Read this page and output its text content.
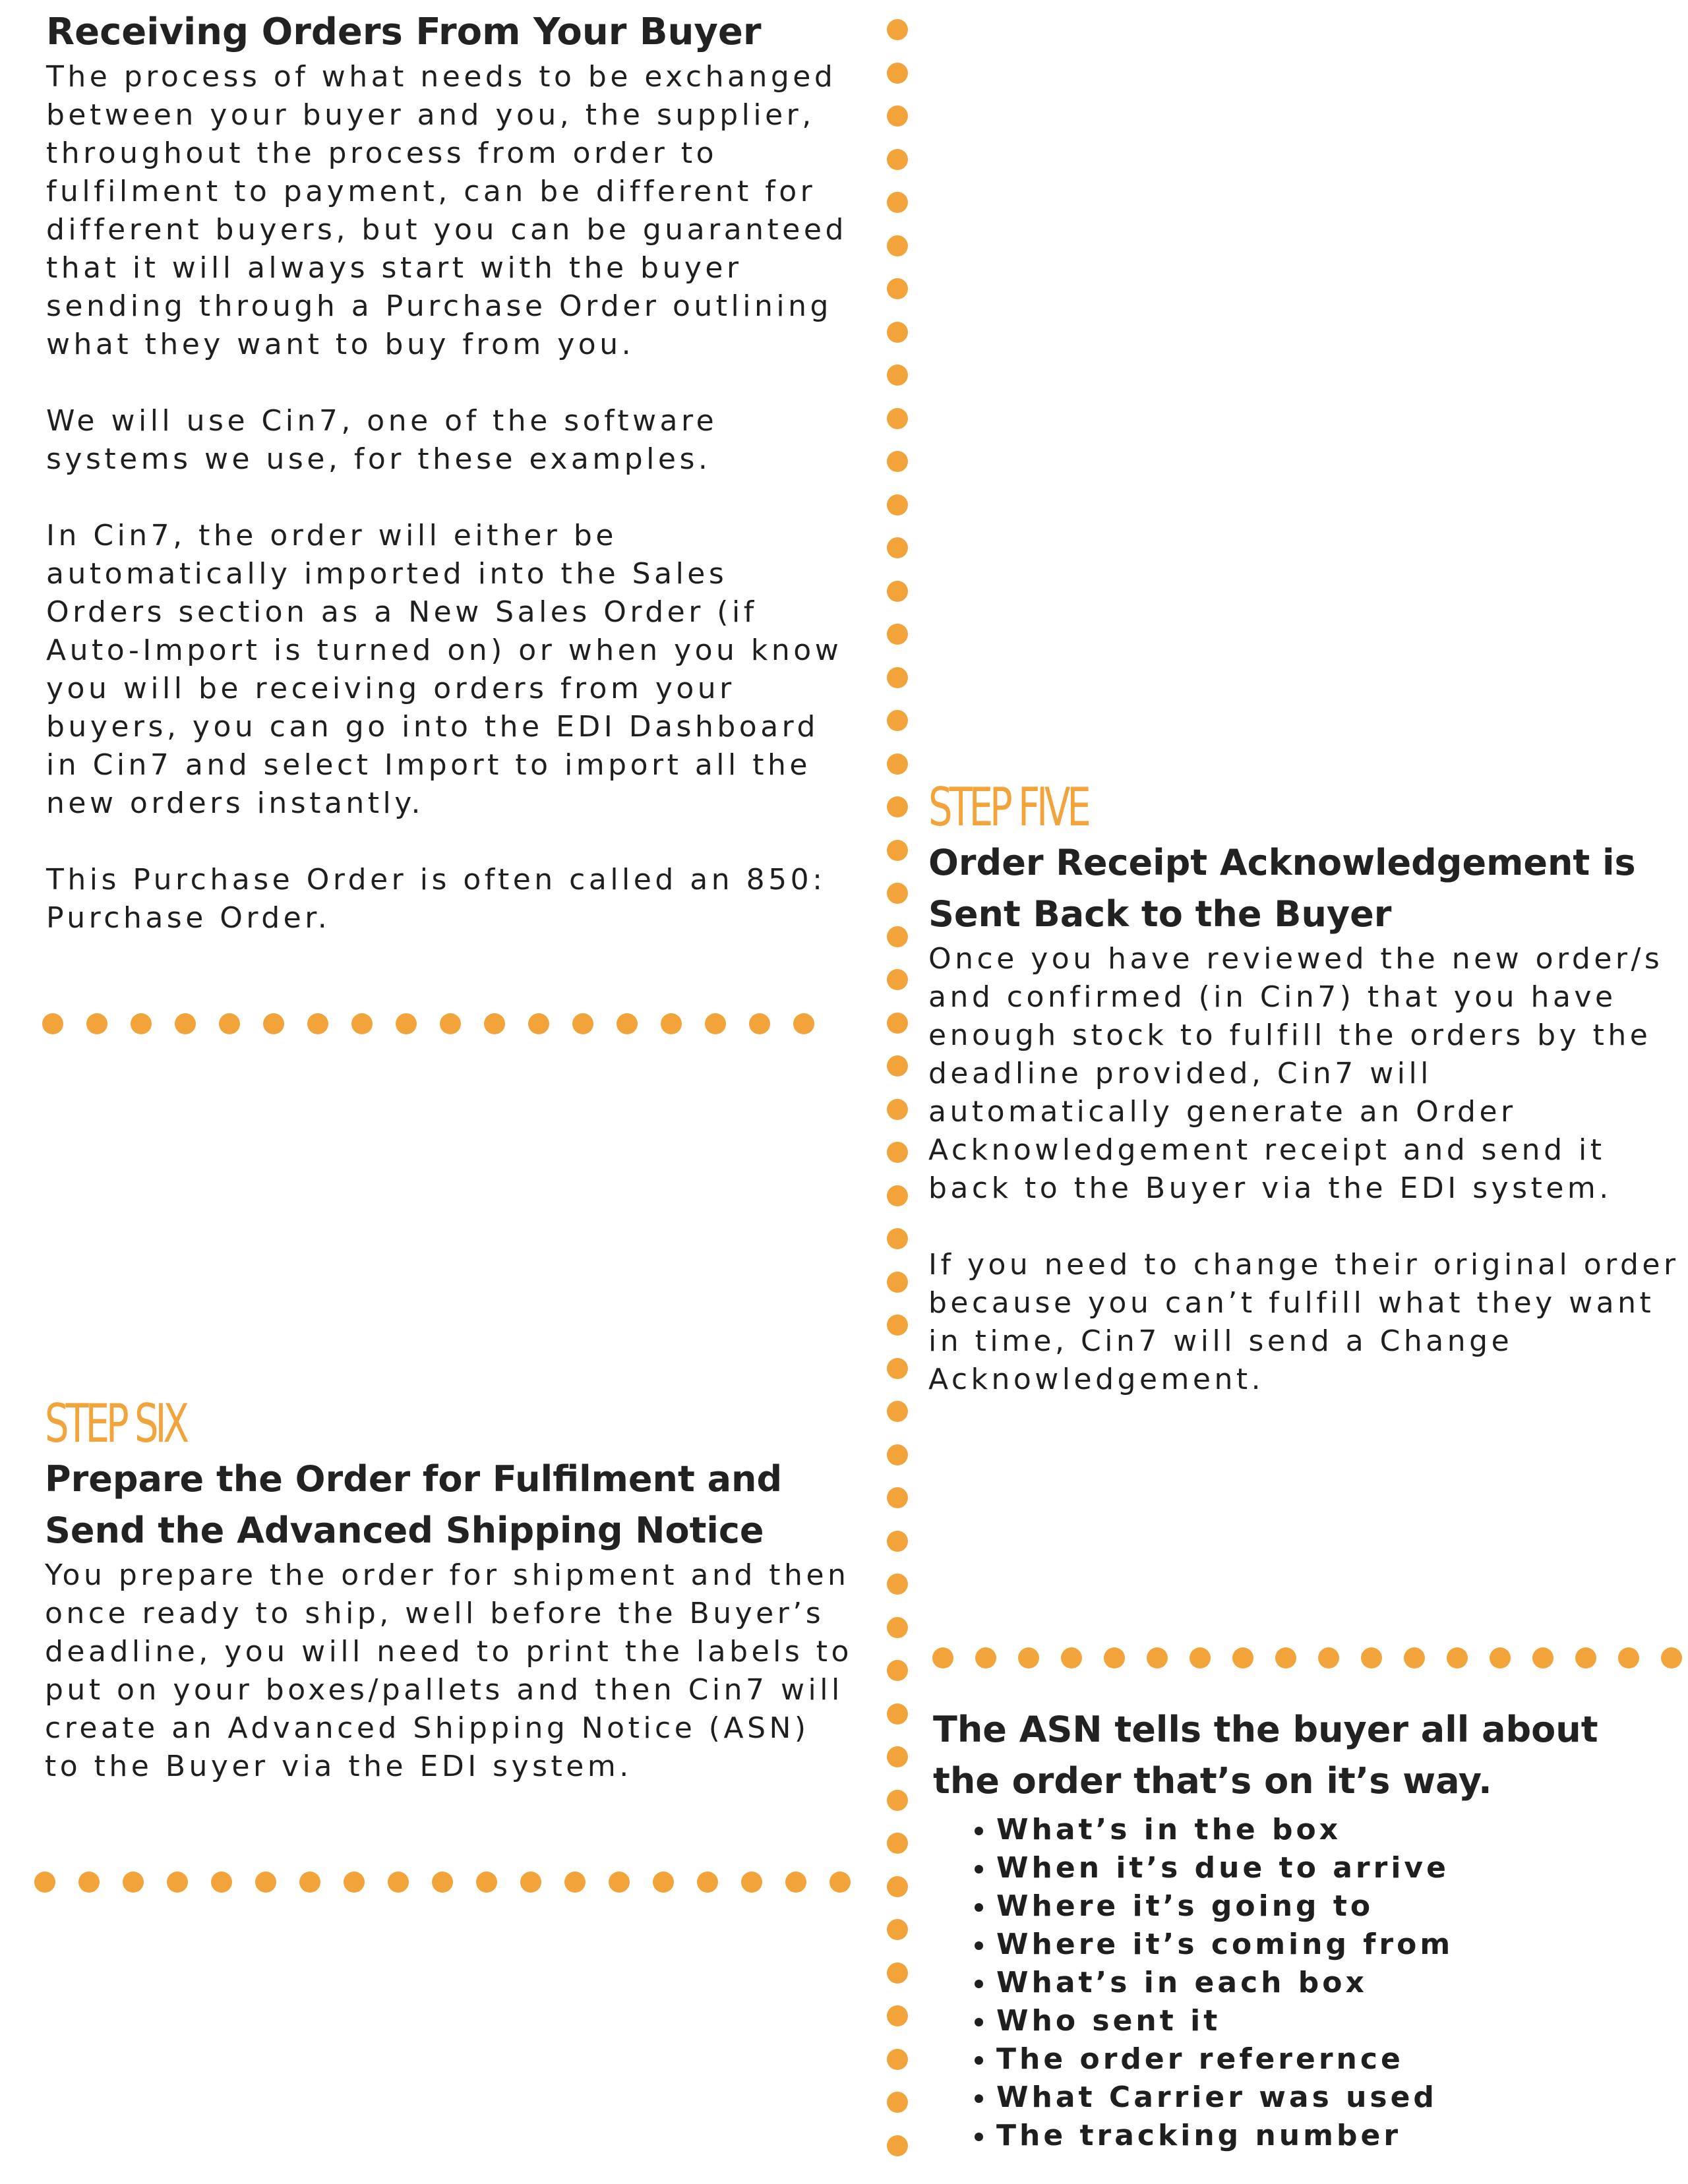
Receiving Orders From Your Buyer

The process of what needs to be exchanged between your buyer and you, the supplier, throughout the process from order to fulfilment to payment, can be different for different buyers, but you can be guaranteed that it will always start with the buyer sending through a Purchase Order outlining what they want to buy from you.

We will use Cin7, one of the software systems we use, for these examples.

In Cin7, the order will either be automatically imported into the Sales Orders section as a New Sales Order (if Auto-Import is turned on) or when you know you will be receiving orders from your buyers, you can go into the EDI Dashboard in Cin7 and select Import to import all the new orders instantly.

This Purchase Order is often called an 850: Purchase Order.

STEP FIVE
Order Receipt Acknowledgement is Sent Back to the Buyer

Once you have reviewed the new order/s and confirmed (in Cin7) that you have enough stock to fulfill the orders by the deadline provided, Cin7 will automatically generate an Order Acknowledgement receipt and send it back to the Buyer via the EDI system.

If you need to change their original order because you can’t fulfill what they want in time, Cin7 will send a Change Acknowledgement.

STEP SIX
Prepare the Order for Fulfilment and Send the Advanced Shipping Notice

You prepare the order for shipment and then once ready to ship, well before the Buyer’s deadline, you will need to print the labels to put on your boxes/pallets and then Cin7 will create an Advanced Shipping Notice (ASN) to the Buyer via the EDI system.

The ASN tells the buyer all about the order that’s on it’s way.
• What’s in the box
• When it’s due to arrive
• Where it’s going to
• Where it’s coming from
• What’s in each box
• Who sent it
• The order referernce
• What Carrier was used
• The tracking number
